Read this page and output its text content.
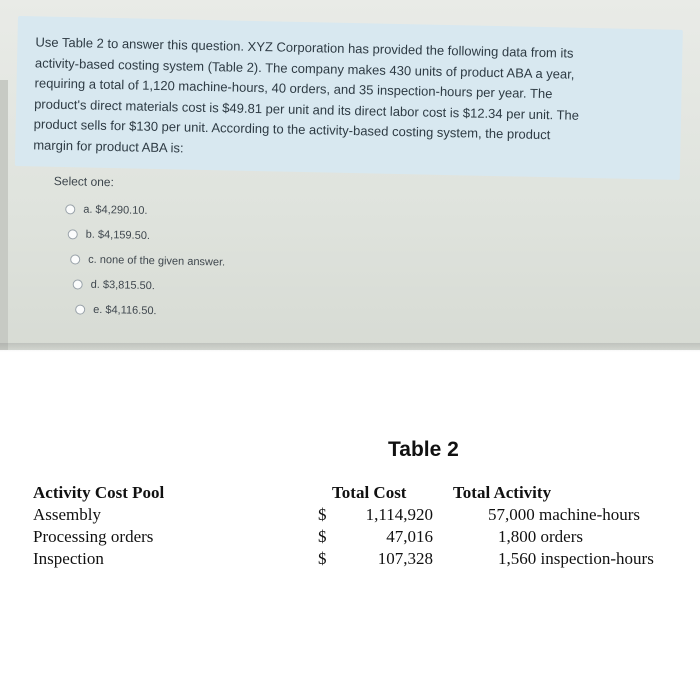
Use Table 2 to answer this question. XYZ Corporation has provided the following data from its
activity-based costing system (Table 2). The company makes 430 units of product ABA a year,
requiring a total of 1,120 machine-hours, 40 orders, and 35 inspection-hours per year. The
product's direct materials cost is $49.81 per unit and its direct labor cost is $12.34 per unit. The
product sells for $130 per unit. According to the activity-based costing system, the product
margin for product ABA is:
Select one:
a. $4,290.10.
b. $4,159.50.
c. none of the given answer.
d. $3,815.50.
e. $4,116.50.
Table 2
Activity Cost Pool
Assembly
Processing orders
Inspection
Total Cost
$
$
$
1,114,920
47,016
107,328
Total Activity
57,000 machine-hours
1,800 orders
1,560 inspection-hours
